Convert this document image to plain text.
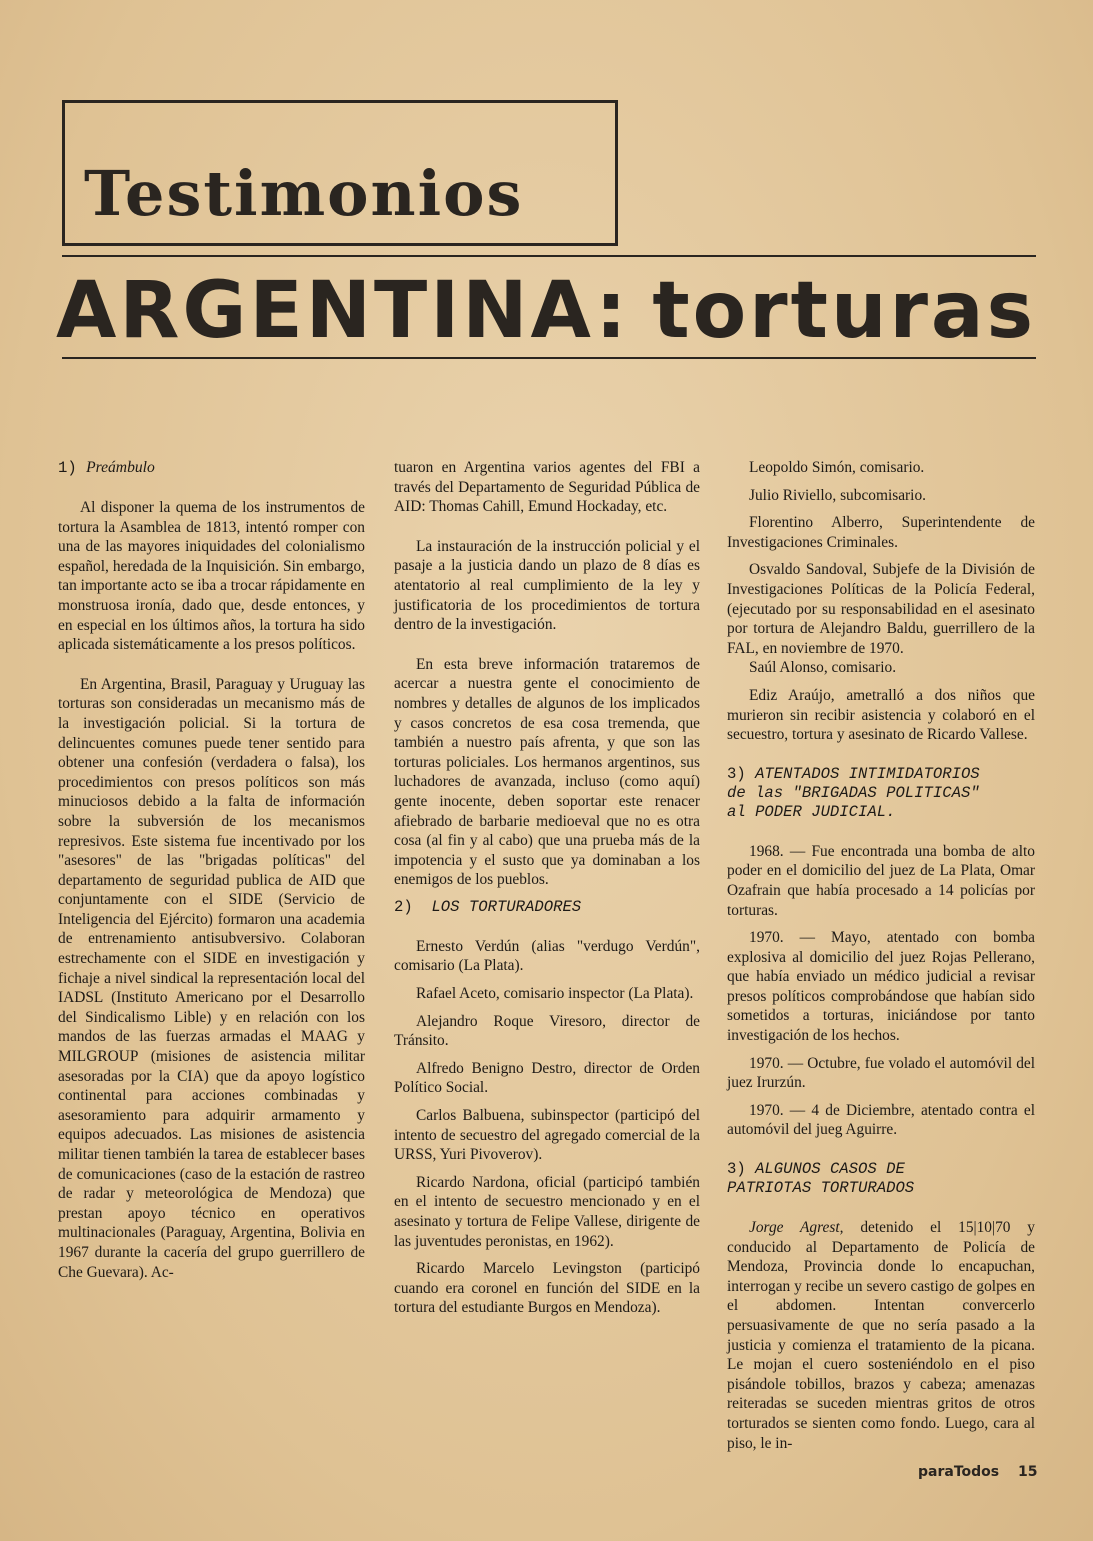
Testimonios
ARGENTINA: torturas

1) Preámbulo

Al disponer la quema de los instrumentos de tortura la Asamblea de 1813, intentó romper con una de las mayores iniquidades del colonialismo español, heredada de la Inquisición. Sin embargo, tan importante acto se iba a trocar rápidamente en monstruosa ironía, dado que, desde entonces, y en especial en los últimos años, la tortura ha sido aplicada sistemáticamente a los presos políticos.

En Argentina, Brasil, Paraguay y Uruguay las torturas son consideradas un mecanismo más de la investigación policial. Si la tortura de delincuentes comunes puede tener sentido para obtener una confesión (verdadera o falsa), los procedimientos con presos políticos son más minuciosos debido a la falta de información sobre la subversión de los mecanismos represivos. Este sistema fue incentivado por los "asesores" de las "brigadas políticas" del departamento de seguridad publica de AID que conjuntamente con el SIDE (Servicio de Inteligencia del Ejército) formaron una academia de entrenamiento antisubversivo. Colaboran estrechamente con el SIDE en investigación y fichaje a nivel sindical la representación local del IADSL (Instituto Americano por el Desarrollo del Sindicalismo Lible) y en relación con los mandos de las fuerzas armadas el MAAG y MILGROUP (misiones de asistencia militar asesoradas por la CIA) que da apoyo logístico continental para acciones combinadas y asesoramiento para adquirir armamento y equipos adecuados. Las misiones de asistencia militar tienen también la tarea de establecer bases de comunicaciones (caso de la estación de rastreo de radar y meteorológica de Mendoza) que prestan apoyo técnico en operativos multinacionales (Paraguay, Argentina, Bolivia en 1967 durante la cacería del grupo guerrillero de Che Guevara). Ac-

tuaron en Argentina varios agentes del FBI a través del Departamento de Seguridad Pública de AID: Thomas Cahill, Emund Hockaday, etc.

La instauración de la instrucción policial y el pasaje a la justicia dando un plazo de 8 días es atentatorio al real cumplimiento de la ley y justificatoria de los procedimientos de tortura dentro de la investigación.

En esta breve información trataremos de acercar a nuestra gente el conocimiento de nombres y detalles de algunos de los implicados y casos concretos de esa cosa tremenda, que también a nuestro país afrenta, y que son las torturas policiales. Los hermanos argentinos, sus luchadores de avanzada, incluso (como aquí) gente inocente, deben soportar este renacer afiebrado de barbarie medioeval que no es otra cosa (al fin y al cabo) que una prueba más de la impotencia y el susto que ya dominaban a los enemigos de los pueblos.

2) LOS TORTURADORES

Ernesto Verdún (alias "verdugo Verdún", comisario (La Plata).

Rafael Aceto, comisario inspector (La Plata).

Alejandro Roque Viresoro, director de Tránsito.

Alfredo Benigno Destro, director de Orden Político Social.

Carlos Balbuena, subinspector (participó del intento de secuestro del agregado comercial de la URSS, Yuri Pivoverov).

Ricardo Nardona, oficial (participó también en el intento de secuestro mencionado y en el asesinato y tortura de Felipe Vallese, dirigente de las juventudes peronistas, en 1962).

Ricardo Marcelo Levingston (participó cuando era coronel en función del SIDE en la tortura del estudiante Burgos en Mendoza).

Leopoldo Simón, comisario.

Julio Riviello, subcomisario.

Florentino Alberro, Superintendente de Investigaciones Criminales.

Osvaldo Sandoval, Subjefe de la División de Investigaciones Políticas de la Policía Federal, (ejecutado por su responsabilidad en el asesinato por tortura de Alejandro Baldu, guerrillero de la FAL, en noviembre de 1970.

Saúl Alonso, comisario.

Ediz Araújo, ametralló a dos niños que murieron sin recibir asistencia y colaboró en el secuestro, tortura y asesinato de Ricardo Vallese.

3) ATENTADOS INTIMIDATORIOS
de las "BRIGADAS POLITICAS"
al PODER JUDICIAL.

1968. — Fue encontrada una bomba de alto poder en el domicilio del juez de La Plata, Omar Ozafrain que había procesado a 14 policías por torturas.

1970. — Mayo, atentado con bomba explosiva al domicilio del juez Rojas Pellerano, que había enviado un médico judicial a revisar presos políticos comprobándose que habían sido sometidos a torturas, iniciándose por tanto investigación de los hechos.

1970. — Octubre, fue volado el automóvil del juez Irurzún.

1970. — 4 de Diciembre, atentado contra el automóvil del jueg Aguirre.

3) ALGUNOS CASOS DE
PATRIOTAS TORTURADOS

Jorge Agrest, detenido el 15|10|70 y conducido al Departamento de Policía de Mendoza, Provincia donde lo encapuchan, interrogan y recibe un severo castigo de golpes en el abdomen. Intentan convercerlo persuasivamente de que no sería pasado a la justicia y comienza el tratamiento de la picana. Le mojan el cuero sosteniéndolo en el piso pisándole tobillos, brazos y cabeza; amenazas reiteradas se suceden mientras gritos de otros torturados se sienten como fondo. Luego, cara al piso, le in-

paraTodos 15
